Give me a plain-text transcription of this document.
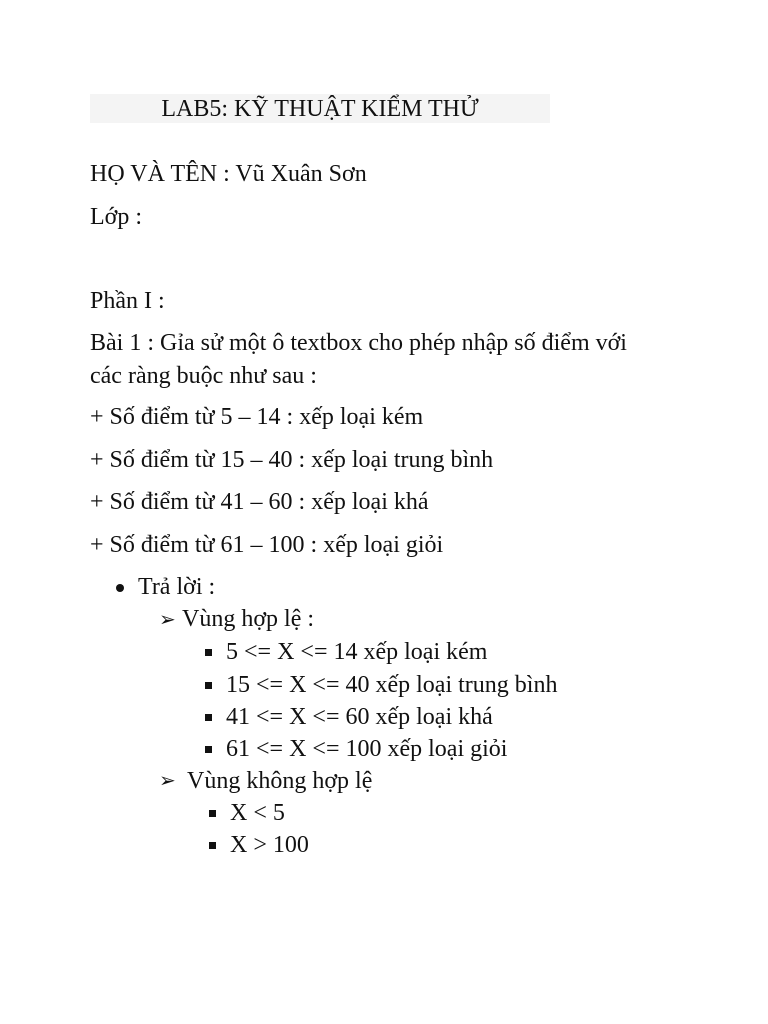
LAB5: KỸ THUẬT KIỂM THỬ
HỌ VÀ TÊN : Vũ Xuân Sơn
Lớp :
Phần I :
Bài 1 : Gỉa sử một ô textbox cho phép nhập số điểm với
các ràng buộc như sau :
+ Số điểm từ 5 – 14 : xếp loại kém
+ Số điểm từ 15 – 40 : xếp loại trung bình
+ Số điểm từ 41 – 60 : xếp loại khá
+ Số điểm từ 61 – 100 : xếp loại giỏi
Trả lời :
➢ Vùng hợp lệ :
5 <= X <= 14 xếp loại kém
15 <= X <= 40 xếp loại trung bình
41 <= X <= 60 xếp loại khá
61 <= X <= 100 xếp loại giỏi
➢ Vùng không hợp lệ
X < 5
X > 100
